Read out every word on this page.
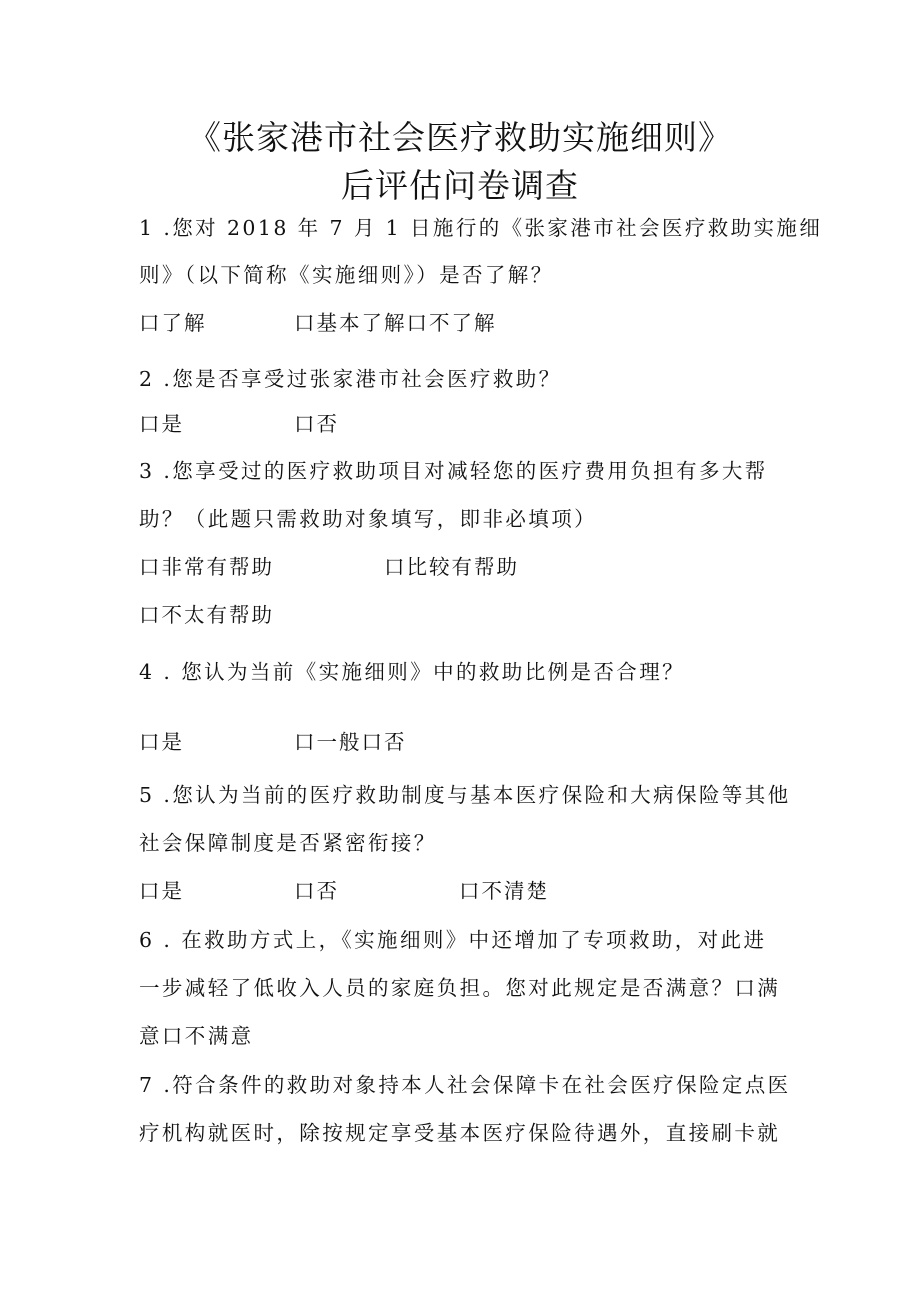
《张家港市社会医疗救助实施细则》
后评估问卷调查
1 .您对 2018 年 7 月 1 日施行的《张家港市社会医疗救助实施细
则》（以下简称《实施细则》）是否了解？
口了解	口基本了解口不了解
2 .您是否享受过张家港市社会医疗救助？
口是	口否
3 .您享受过的医疗救助项目对减轻您的医疗费用负担有多大帮
助？（此题只需救助对象填写，即非必填项）
口非常有帮助	口比较有帮助
口不太有帮助
4 . 您认为当前《实施细则》中的救助比例是否合理？
口是	口一般口否
5 .您认为当前的医疗救助制度与基本医疗保险和大病保险等其他
社会保障制度是否紧密衔接？
口是	口否	口不清楚
6 . 在救助方式上，《实施细则》中还增加了专项救助，对此进
一步减轻了低收入人员的家庭负担。您对此规定是否满意？口满
意口不满意
7 .符合条件的救助对象持本人社会保障卡在社会医疗保险定点医
疗机构就医时，除按规定享受基本医疗保险待遇外，直接刷卡就
